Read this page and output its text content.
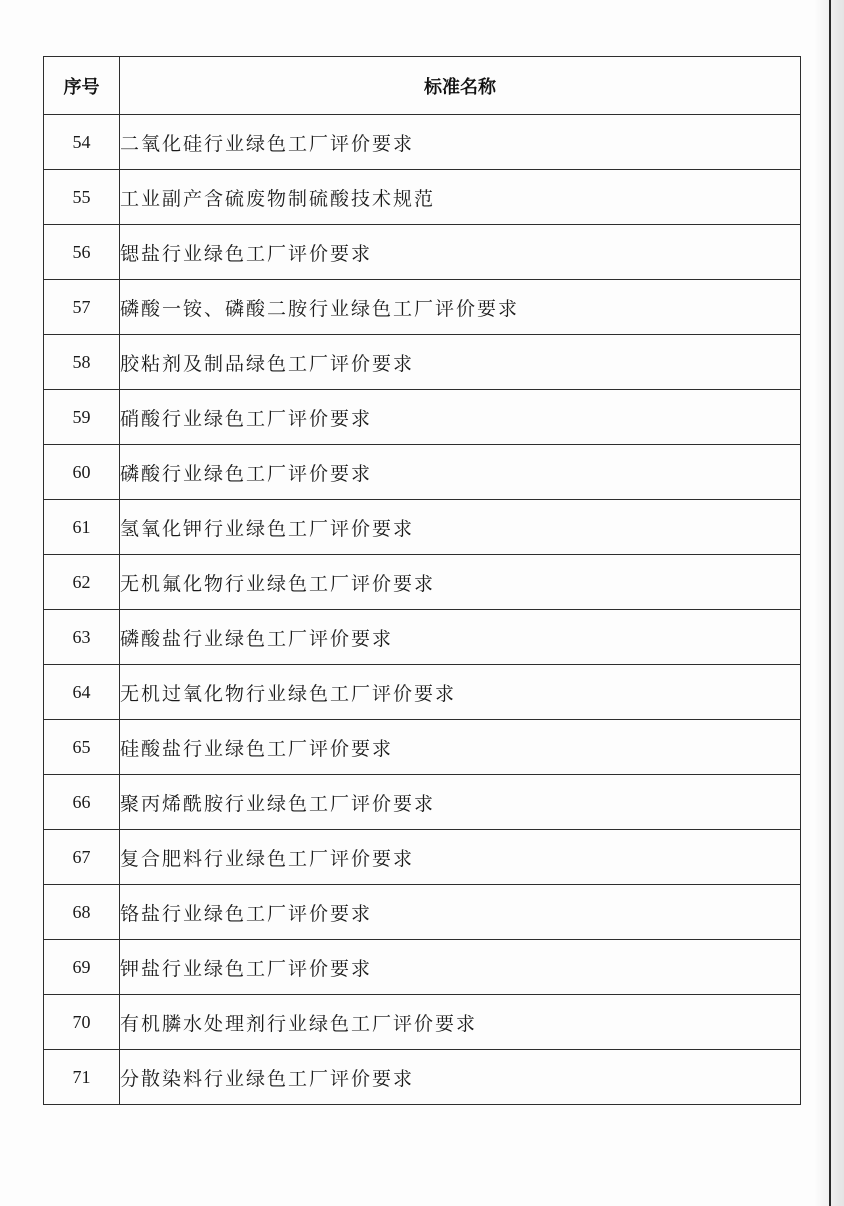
序号	标准名称
54	二氧化硅行业绿色工厂评价要求
55	工业副产含硫废物制硫酸技术规范
56	锶盐行业绿色工厂评价要求
57	磷酸一铵、磷酸二胺行业绿色工厂评价要求
58	胶粘剂及制品绿色工厂评价要求
59	硝酸行业绿色工厂评价要求
60	磷酸行业绿色工厂评价要求
61	氢氧化钾行业绿色工厂评价要求
62	无机氟化物行业绿色工厂评价要求
63	磷酸盐行业绿色工厂评价要求
64	无机过氧化物行业绿色工厂评价要求
65	硅酸盐行业绿色工厂评价要求
66	聚丙烯酰胺行业绿色工厂评价要求
67	复合肥料行业绿色工厂评价要求
68	铬盐行业绿色工厂评价要求
69	钾盐行业绿色工厂评价要求
70	有机膦水处理剂行业绿色工厂评价要求
71	分散染料行业绿色工厂评价要求
